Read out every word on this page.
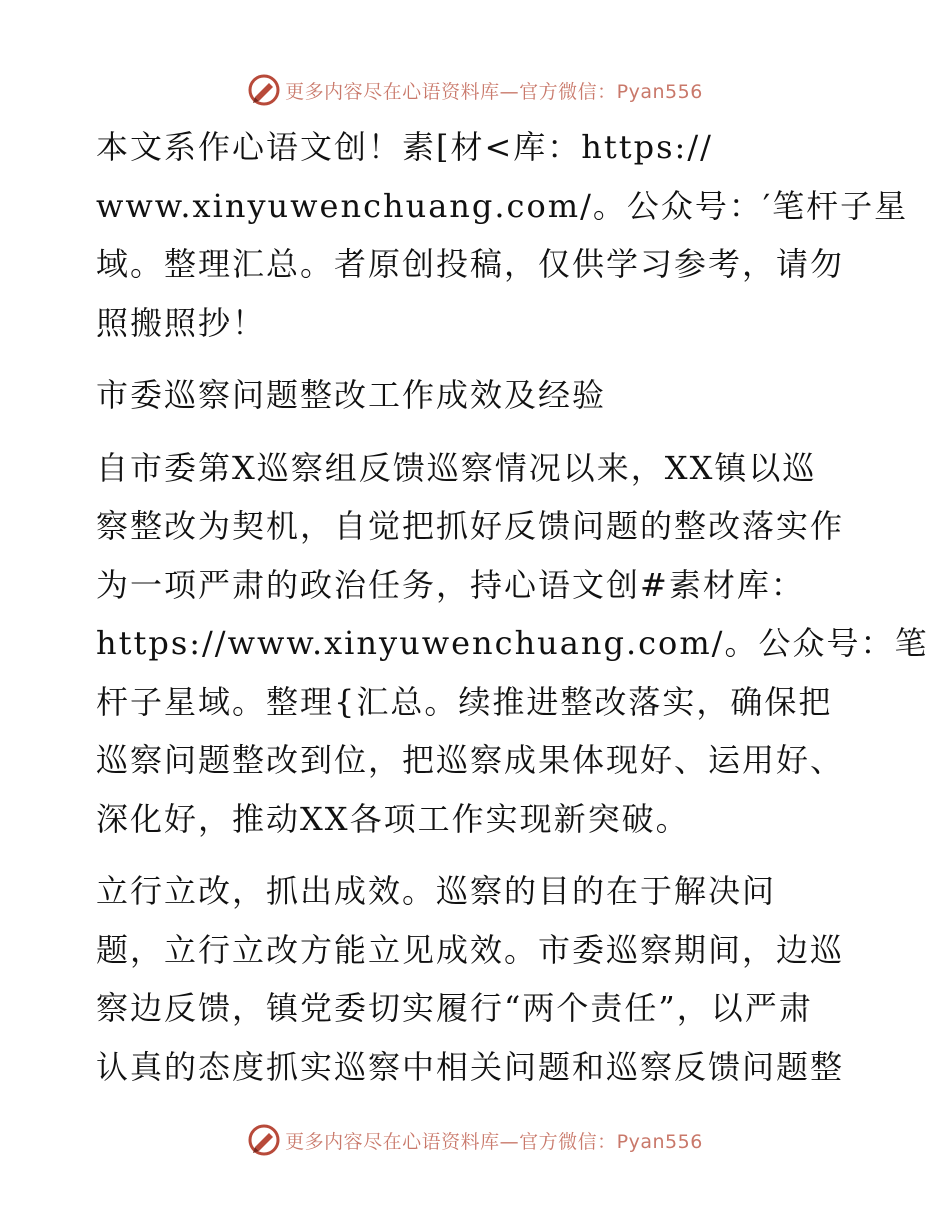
更多内容尽在心语资料库—官方微信：Pyan556

本文系作心语文创！素[材<库：https://
www.xinyuwenchuang.com/。公众号：′笔杆子星
域。整理汇总。者原创投稿，仅供学习参考，请勿
照搬照抄！

市委巡察问题整改工作成效及经验

自市委第X巡察组反馈巡察情况以来，XX镇以巡
察整改为契机，自觉把抓好反馈问题的整改落实作
为一项严肃的政治任务，持心语文创#素材库：
https://www.xinyuwenchuang.com/。公众号：笔
杆子星域。整理{汇总。续推进整改落实，确保把
巡察问题整改到位，把巡察成果体现好、运用好、
深化好，推动XX各项工作实现新突破。

立行立改，抓出成效。巡察的目的在于解决问
题，立行立改方能立见成效。市委巡察期间，边巡
察边反馈，镇党委切实履行“两个责任”，以严肃
认真的态度抓实巡察中相关问题和巡察反馈问题整

更多内容尽在心语资料库—官方微信：Pyan556
